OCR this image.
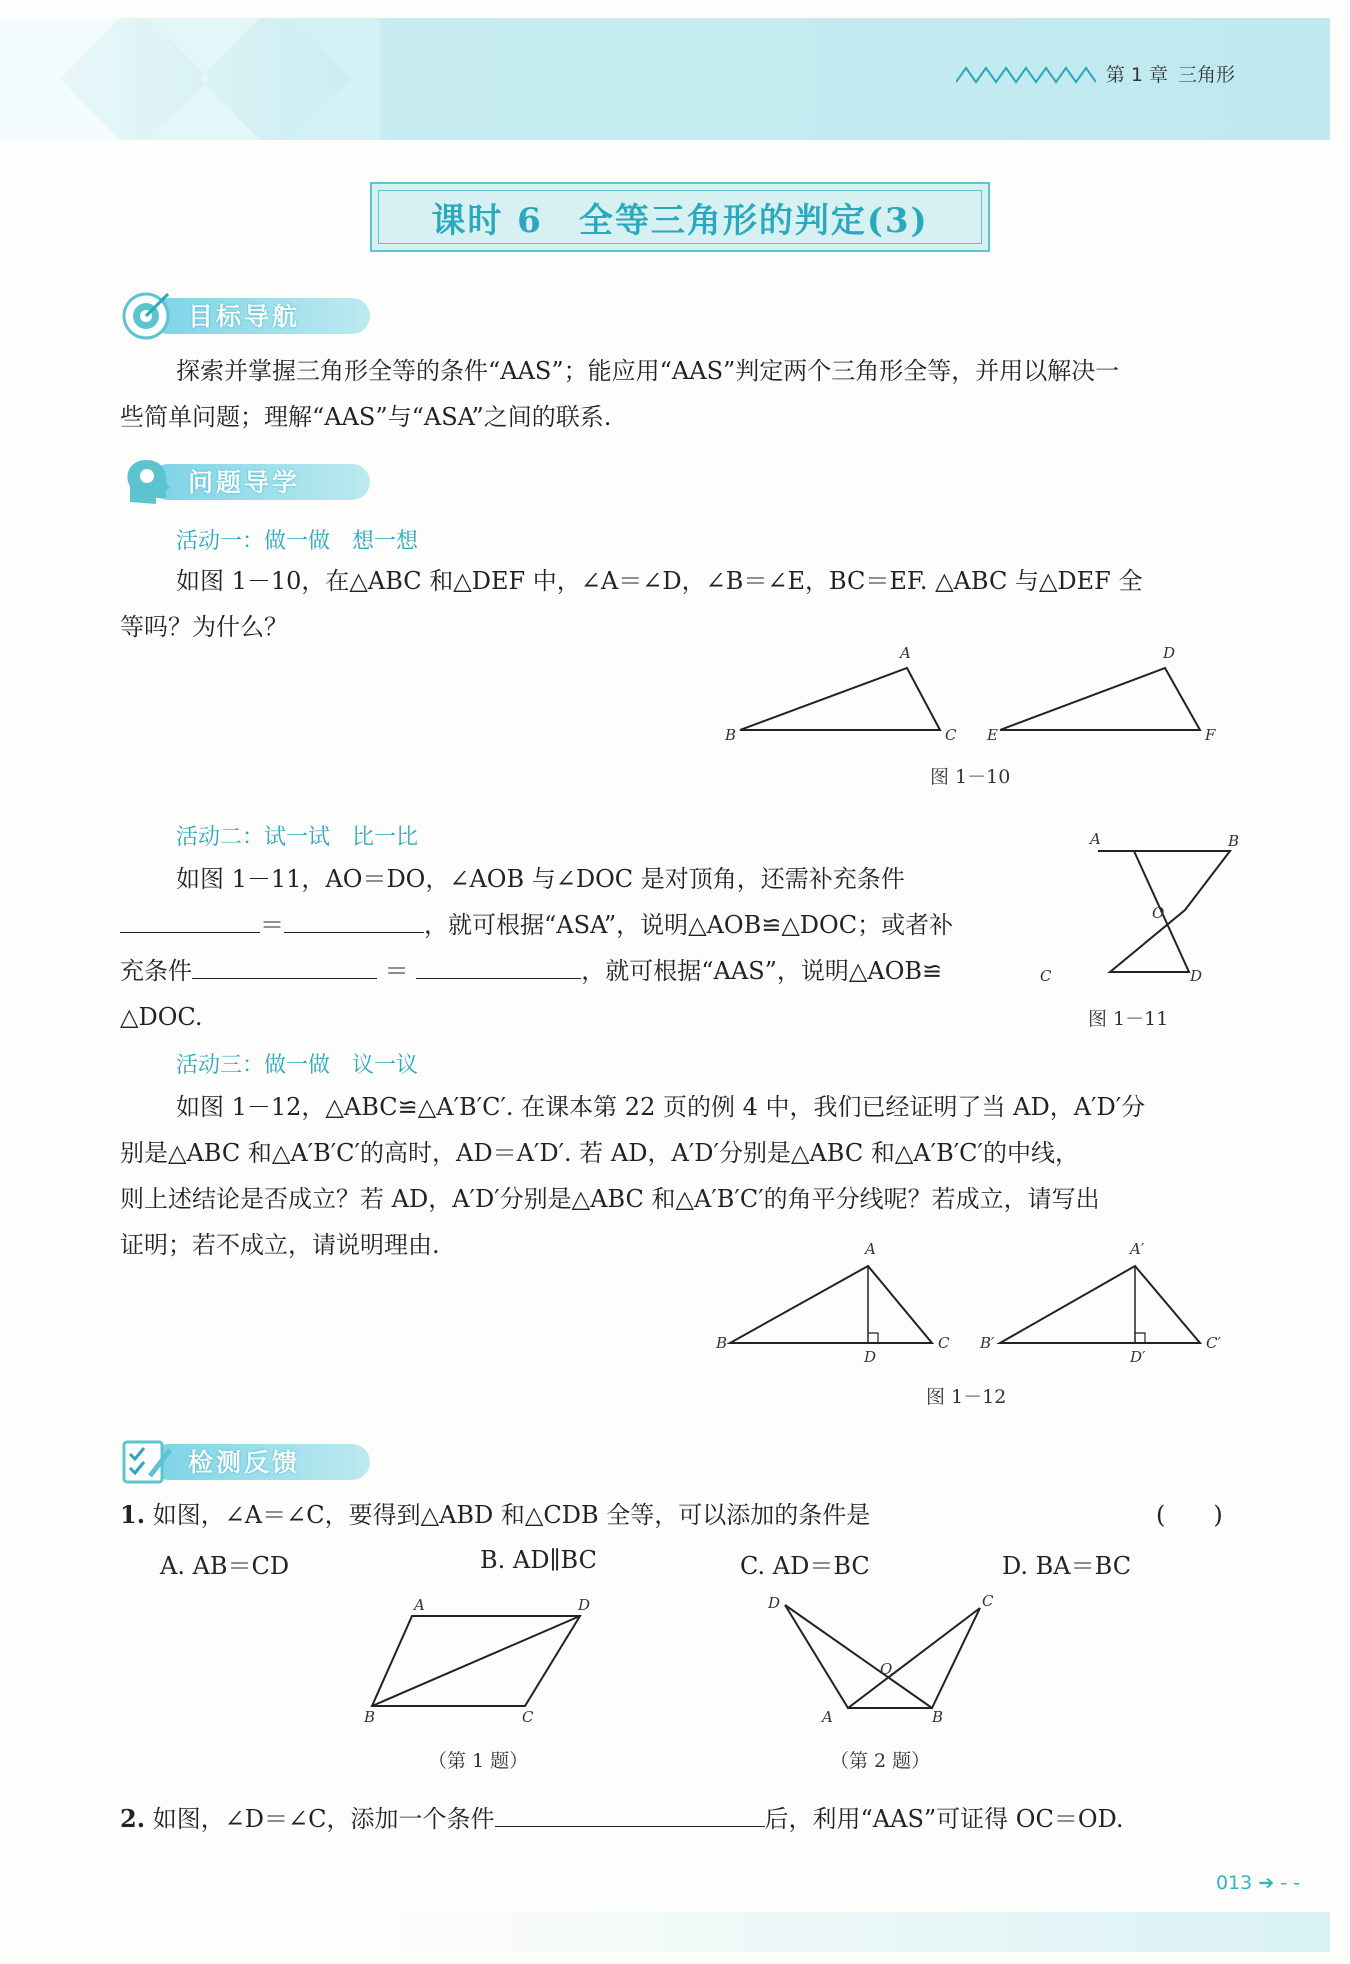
第 1 章 三角形
课时 6　全等三角形的判定(3)
目标导航

探索并掌握三角形全等的条件“AAS”；能应用“AAS”判定两个三角形全等，并用以解决一

些简单问题；理解“AAS”与“ASA”之间的联系.

问题导学
活动一：做一做　想一想

如图 1－10，在△ABC 和△DEF 中，∠A＝∠D，∠B＝∠E，BC＝EF. △ABC 与△DEF 全

等吗？为什么？

A
B	C
D
E	F
图 1－10
活动二：试一试　比一比

如图 1－11，AO＝DO，∠AOB 与∠DOC 是对顶角，还需补充条件

＝	，就可根据“ASA”，说明△AOB≌△DOC；或者补

充条件	＝	，就可根据“AAS”，说明△AOB≌

△DOC.

A	B
O
C	D
图 1－11
活动三：做一做　议一议

如图 1－12，△ABC≌△A′B′C′. 在课本第 22 页的例 4 中，我们已经证明了当 AD，A′D′分

别是△ABC 和△A′B′C′的高时，AD＝A′D′. 若 AD，A′D′分别是△ABC 和△A′B′C′的中线，

则上述结论是否成立？若 AD，A′D′分别是△ABC 和△A′B′C′的角平分线呢？若成立，请写出

证明；若不成立，请说明理由.	A
B
D
C
A′
B′
D′
C′
图 1－12
检测反馈

1. 如图，∠A＝∠C，要得到△ABD 和△CDB 全等，可以添加的条件是	(　　)
A. AB＝CD	B. AD∥BC	C. AD＝BC	D. BA＝BC
A	D
B	C
（第 1 题）
D	C
O
A	B
（第 2 题）

2. 如图，∠D＝∠C，添加一个条件	后，利用“AAS”可证得 OC＝OD.

013 ➔ - -
